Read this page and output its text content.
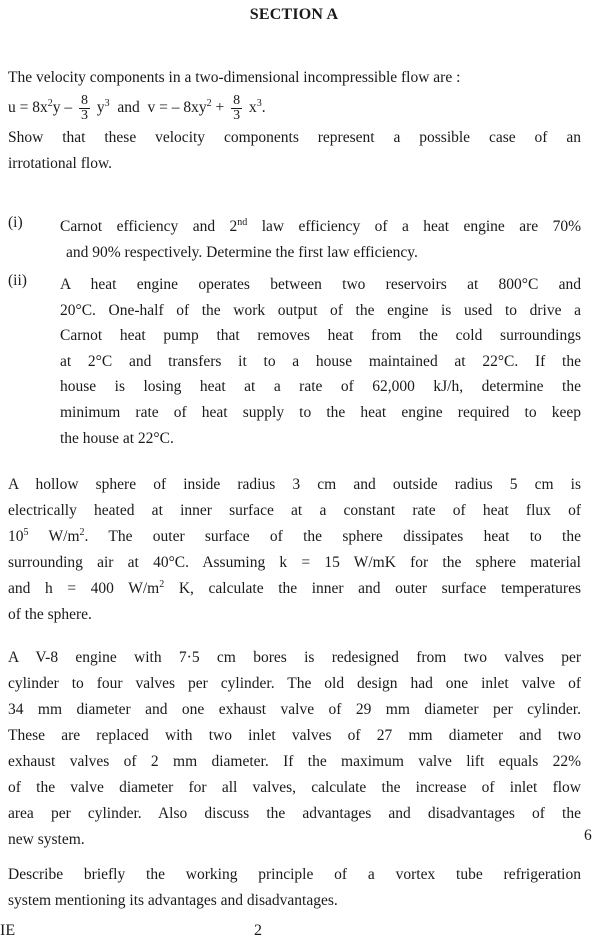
SECTION A
The velocity components in a two-dimensional incompressible flow are :
$u = 8x^2y - \frac{8}{3} y^3$ and v = – $8xy^2 + \frac{8}{3} x^3$.
Show that these velocity components represent a possible case of an
irrotational flow.
(i) Carnot efficiency and 2nd law efficiency of a heat engine are 70%
and 90% respectively. Determine the first law efficiency.
(ii) A heat engine operates between two reservoirs at 800°C and
20°C. One-half of the work output of the engine is used to drive a
Carnot heat pump that removes heat from the cold surroundings
at 2°C and transfers it to a house maintained at 22°C. If the
house is losing heat at a rate of 62,000 kJ/h, determine the
minimum rate of heat supply to the heat engine required to keep
the house at 22°C.
A hollow sphere of inside radius 3 cm and outside radius 5 cm is
electrically heated at inner surface at a constant rate of heat flux of
$10^5$ $W/m^2$. The outer surface of the sphere dissipates heat to the
surrounding air at 40°C. Assuming k = 15 W/mK for the sphere material
and h = 400 $W/m^2$ K, calculate the inner and outer surface temperatures
of the sphere.
A V-8 engine with 7·5 cm bores is redesigned from two valves per
cylinder to four valves per cylinder. The old design had one inlet valve of
34 mm diameter and one exhaust valve of 29 mm diameter per cylinder.
These are replaced with two inlet valves of 27 mm diameter and two
exhaust valves of 2 mm diameter. If the maximum valve lift equals 22%
of the valve diameter for all valves, calculate the increase of inlet flow
area per cylinder. Also discuss the advantages and disadvantages of the
new system.	6
Describe briefly the working principle of a vortex tube refrigeration
system mentioning its advantages and disadvantages.
IE	2
